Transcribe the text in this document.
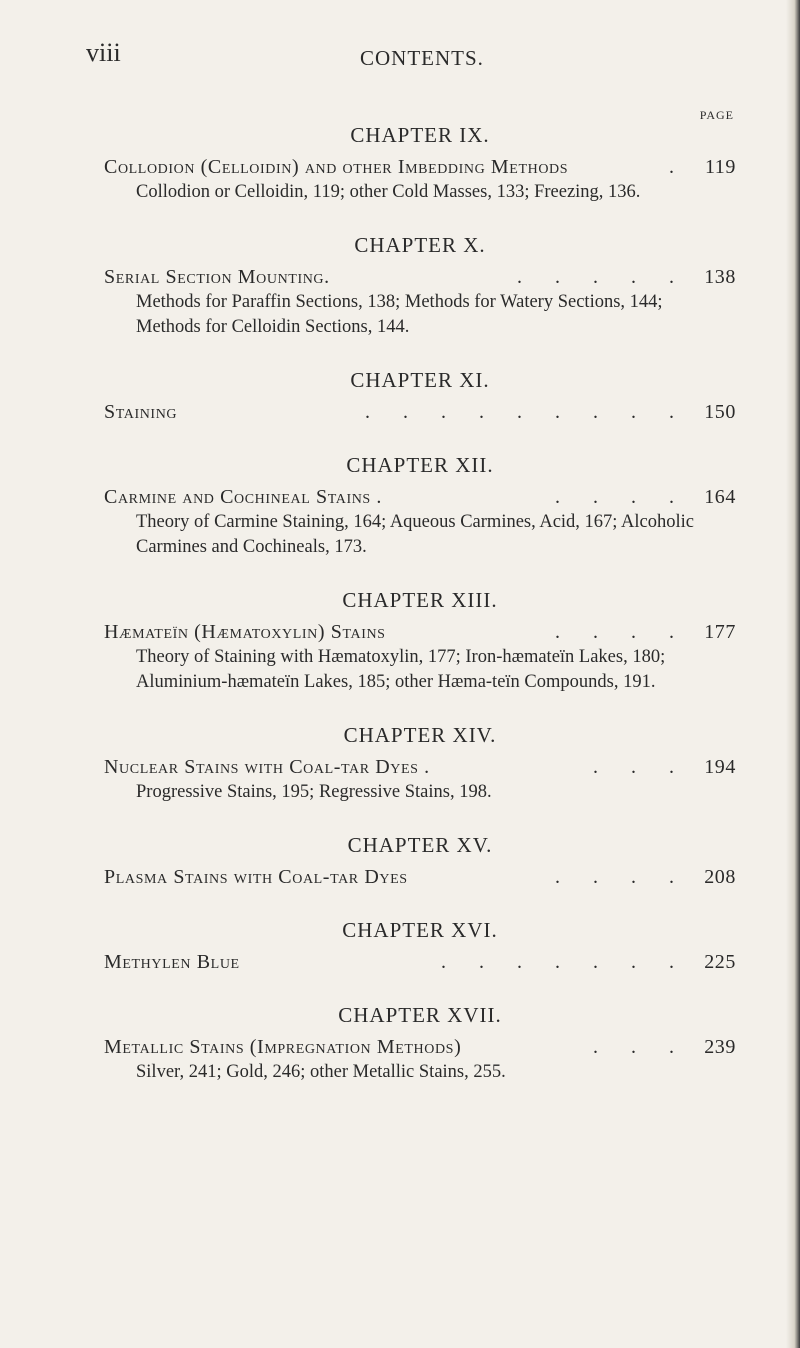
viii	CONTENTS.
PAGE
CHAPTER IX.
Collodion (Celloidin) and other Imbedding Methods	. 119
Collodion or Celloidin, 119; other Cold Masses, 133; Freezing, 136.
CHAPTER X.
Serial Section Mounting.	. . . . . 138
Methods for Paraffin Sections, 138; Methods for Watery Sections, 144; Methods for Celloidin Sections, 144.
CHAPTER XI.
Staining	. . . . . . . . . 150
CHAPTER XII.
Carmine and Cochineal Stains .	. . . . 164
Theory of Carmine Staining, 164; Aqueous Carmines, Acid, 167; Alcoholic Carmines and Cochineals, 173.
CHAPTER XIII.
Hæmateïn (Hæmatoxylin) Stains	. . . . 177
Theory of Staining with Hæmatoxylin, 177; Iron-hæmateïn Lakes, 180; Aluminium-hæmateïn Lakes, 185; other Hæma-teïn Compounds, 191.
CHAPTER XIV.
Nuclear Stains with Coal-tar Dyes .	. . . 194
Progressive Stains, 195; Regressive Stains, 198.
CHAPTER XV.
Plasma Stains with Coal-tar Dyes	. . . . 208
CHAPTER XVI.
Methylen Blue	. . . . . . . 225
CHAPTER XVII.
Metallic Stains (Impregnation Methods)	. . . 239
Silver, 241; Gold, 246; other Metallic Stains, 255.
